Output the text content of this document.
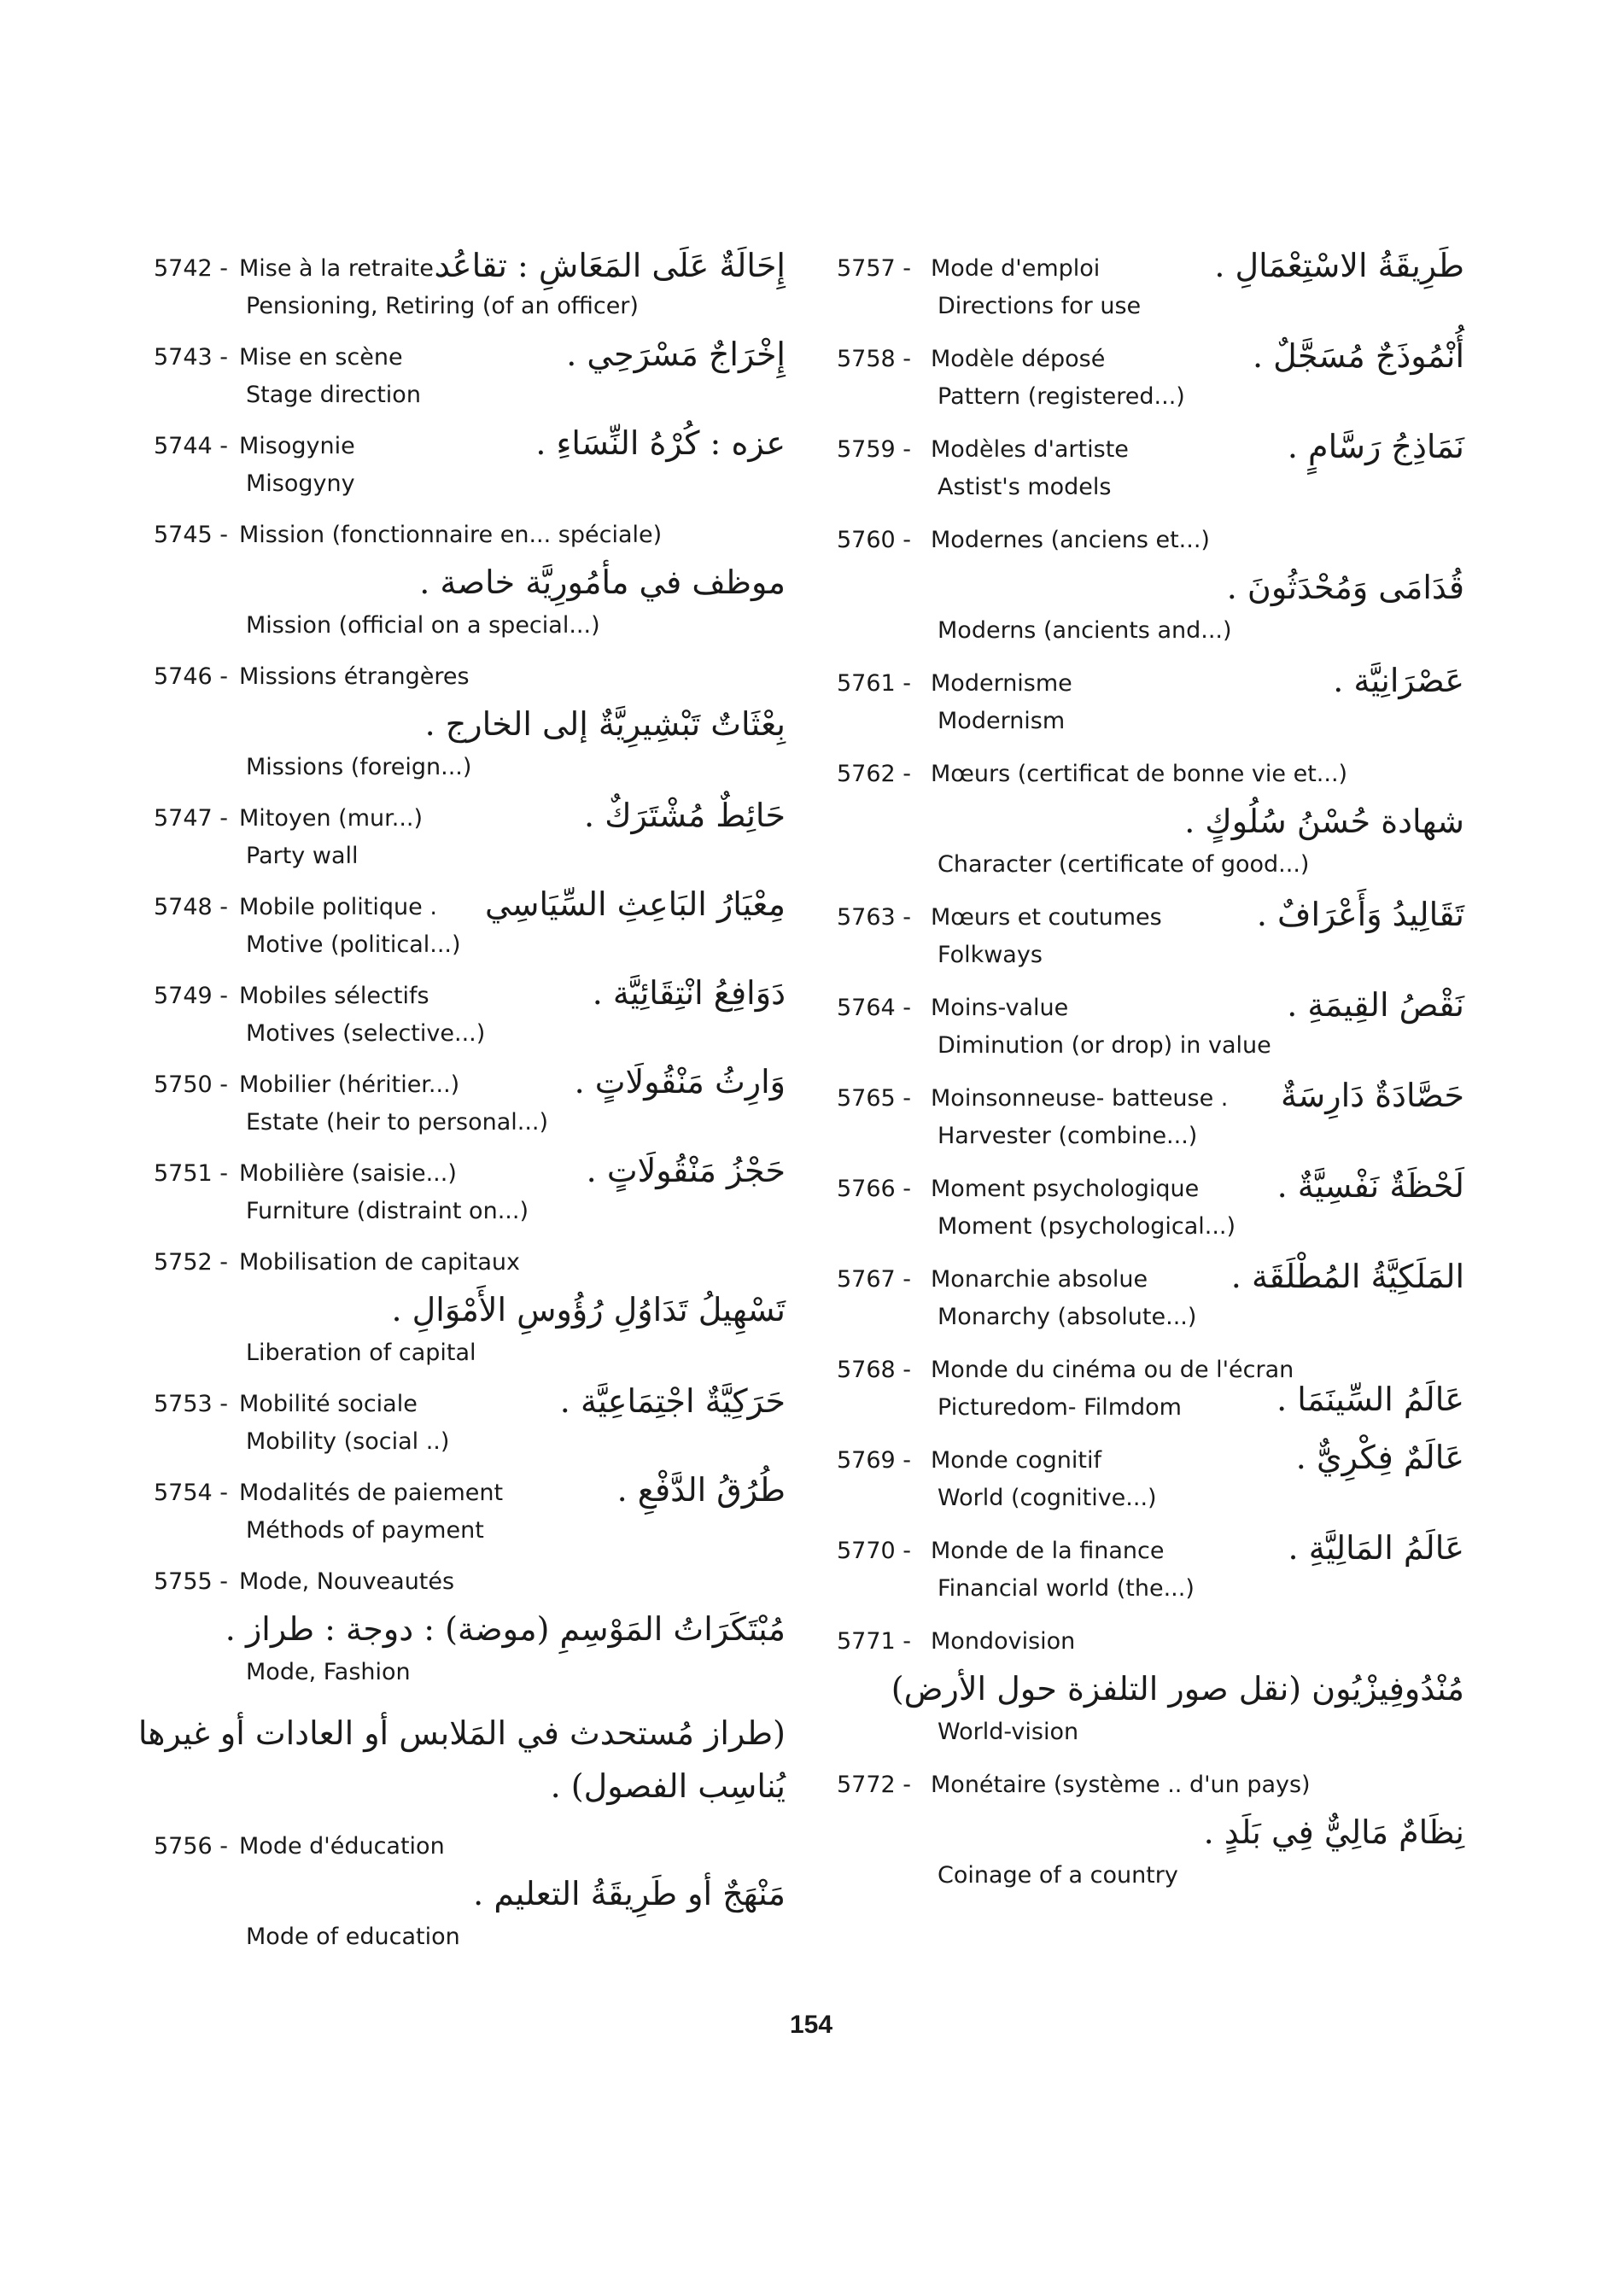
5742 - Mise à la retraite.
إِحَالَةٌ عَلَى المَعَاشِ : تقاعُد
Pensioning, Retiring (of an officer)
5743 - Mise en scène	إِخْرَاجٌ مَسْرَحِي .
Stage direction
5744 - Misogynie	عزه : كُرْهُ النِّسَاءِ .
Misogyny
5745 - Mission (fonctionnaire en... spéciale)
موظف في مأمُورِيَّة خاصة .
Mission (official on a special...)
5746 - Missions étrangères
بِعْثَاتٌ تَبْشِيرِيَّةٌ إلى الخارج .
Missions (foreign...)
5747 - Mitoyen (mur...)	حَائِطٌ مُشْتَرَكٌ .
Party wall
5748 - Mobile politique . مِعْيَارُ البَاعِثِ السِّيَاسِي
Motive (political...)
5749 - Mobiles sélectifs	دَوَافِعُ انْتِقَائِيَّة .
Motives (selective...)
5750 - Mobilier (héritier...)	وَارِثُ مَنْقُولَاتٍ .
Estate (heir to personal...)
5751 - Mobilière (saisie...)	حَجْزُ مَنْقُولَاتٍ .
Furniture (distraint on...)
5752 - Mobilisation de capitaux
تَسْهِيلُ تَدَاوُلِ رُؤُوسِ الأَمْوَالِ .
Liberation of capital
5753 - Mobilité sociale	حَرَكِيَّةٌ اجْتِمَاعِيَّة .
Mobility (social ..)
5754 - Modalités de paiement	طُرُقُ الدَّفْعِ .
Méthods of payment
5755 - Mode, Nouveautés
مُبْتَكَرَاتُ المَوْسِمِ (موضة) : دوجة : طراز .
Mode, Fashion
(طراز مُستحدث في المَلابس أو العادات أو غيرها
يُناسِب الفصول) .
5756 - Mode d'éducation
مَنْهَجٌ أو طَرِيقَةُ التعليم .
Mode of education
5757 - Mode d'emploi	طَرِيقَةُ الاسْتِعْمَالِ .
Directions for use
5758 - Modèle déposé	أُنْمُوذَجٌ مُسَجَّلٌ .
Pattern (registered...)
5759 - Modèles d'artiste	نَمَاذِجُ رَسَّامٍ .
Astist's models
5760 - Modernes (anciens et...)
قُدَامَى وَمُحْدَثُونَ .
Moderns (ancients and...)
5761 - Modernisme	عَصْرَانِيَّة .
Modernism
5762 - Mœurs (certificat de bonne vie et...)
شهادة حُسْنُ سُلُوكٍ .
Character (certificate of good...)
5763 - Mœurs et coutumes	تَقَالِيدُ وَأَعْرَافٌ .
Folkways
5764 - Moins-value	نَقْصُ القِيمَةِ .
Diminution (or drop) in value
5765 - Moinsonneuse- batteuse . حَصَّادَةٌ دَارِسَةٌ
Harvester (combine...)
5766 - Moment psychologique لَحْظَةٌ نَفْسِيَّةٌ .
Moment (psychological...)
5767 - Monarchie absolue	المَلَكِيَّةُ المُطْلَقَة .
Monarchy (absolute...)
5768 - Monde du cinéma ou de l'écran
Picturedom- Filmdom	عَالَمُ السِّينَمَا .
5769 - Monde cognitif	عَالَمٌ فِكْرِيٌّ .
World (cognitive...)
5770 - Monde de la finance	عَالَمُ المَالِيَّةِ .
Financial world (the...)
5771 - Mondovision
مُنْدُوفِيزْيُون (نقل صور التلفزة حول الأرض)
World-vision
5772 - Monétaire (système .. d'un pays)
نِظَامٌ مَالِيٌّ فِي بَلَدٍ .
Coinage of a country
154
